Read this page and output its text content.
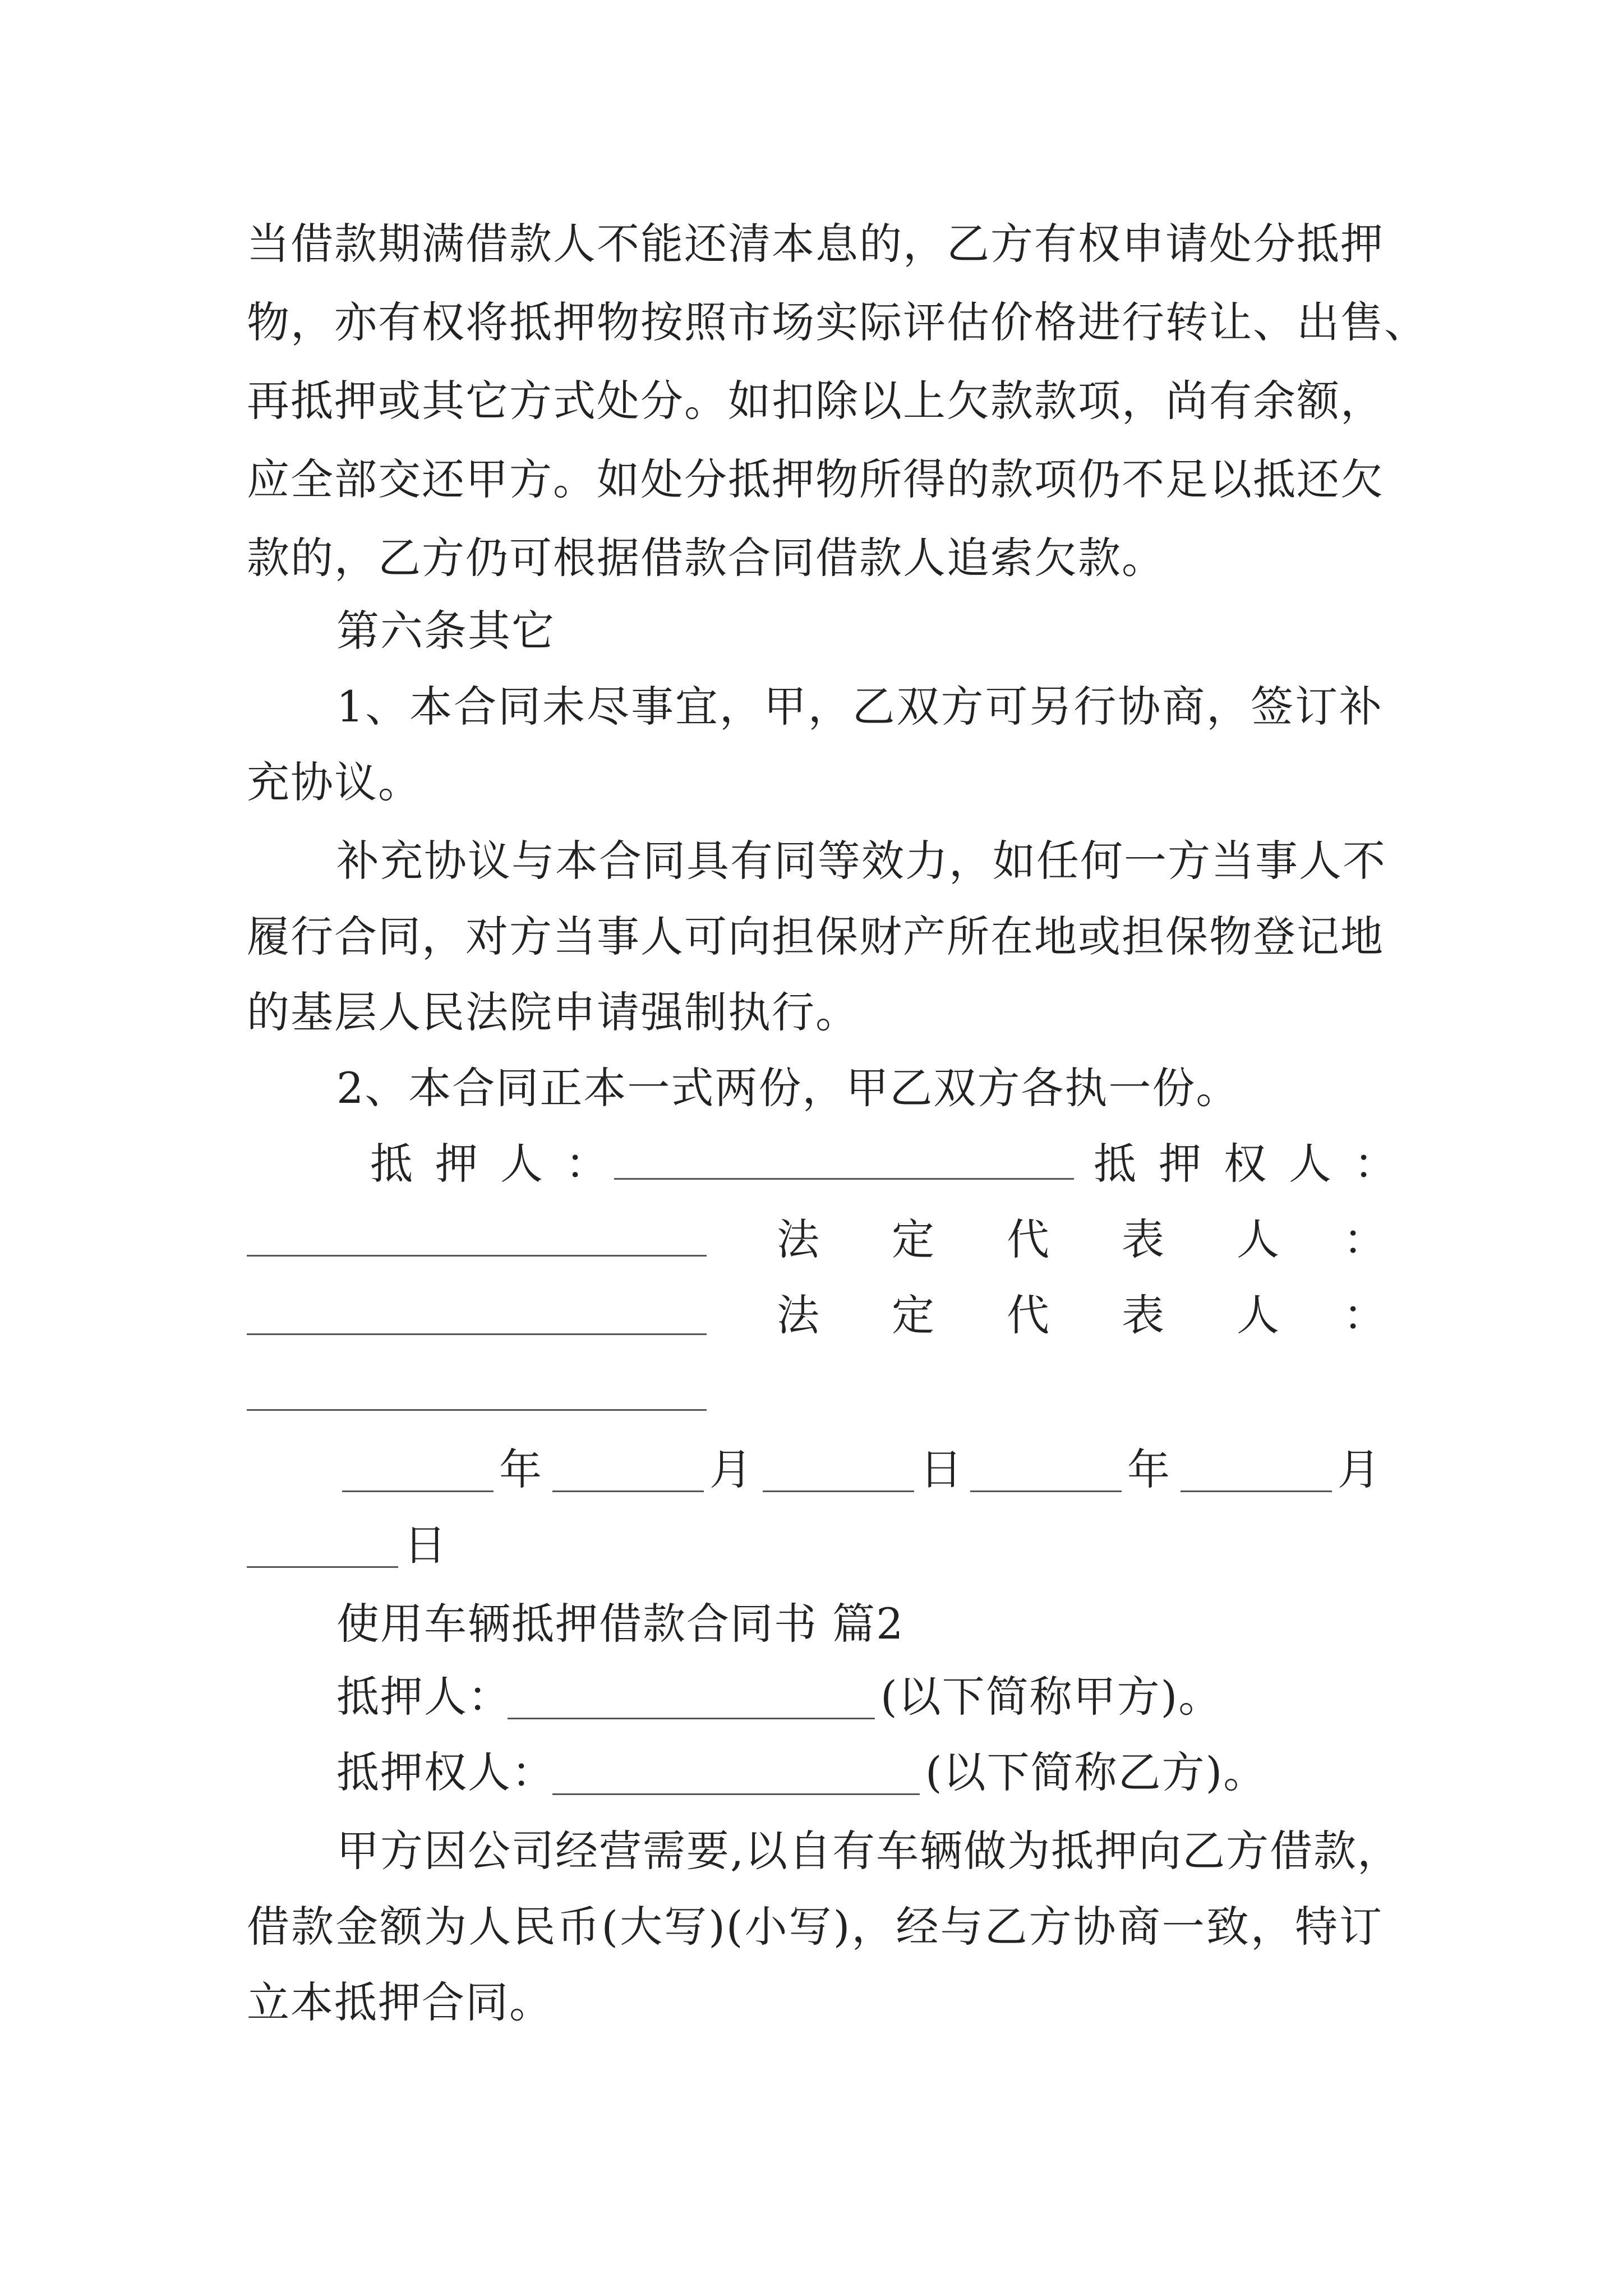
当借款期满借款人不能还清本息的，乙方有权申请处分抵押
物，亦有权将抵押物按照市场实际评估价格进行转让、出售、
再抵押或其它方式处分。如扣除以上欠款款项，尚有余额，
应全部交还甲方。如处分抵押物所得的款项仍不足以抵还欠
款的，乙方仍可根据借款合同借款人追索欠款。
第六条其它
1、本合同未尽事宜，甲，乙双方可另行协商，签订补
充协议。
补充协议与本合同具有同等效力，如任何一方当事人不
履行合同，对方当事人可向担保财产所在地或担保物登记地
的基层人民法院申请强制执行。
2、本合同正本一式两份，甲乙双方各执一份。
抵押人：	抵押权人：
法 定 代 表 人 ：
法 定 代 表 人 ：
年	月	日	年	月
日
使用车辆抵押借款合同书 篇2
抵押人：	(以下简称甲方)。
抵押权人：	(以下简称乙方)。
甲方因公司经营需要,以自有车辆做为抵押向乙方借款，
借款金额为人民币(大写)(小写)，经与乙方协商一致，特订
立本抵押合同。
